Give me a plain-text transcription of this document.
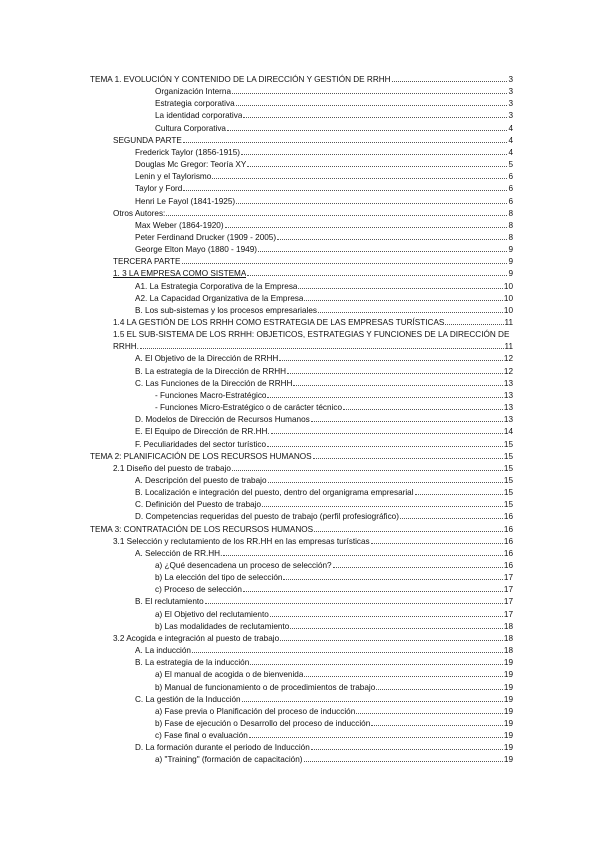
TEMA 1. EVOLUCIÓN Y CONTENIDO DE LA DIRECCIÓN Y GESTIÓN DE RRHH	3
Organización Interna	3
Estrategia corporativa	3
La identidad corporativa	3
Cultura Corporativa	4
SEGUNDA PARTE	4
Frederick Taylor (1856-1915)	4
Douglas Mc Gregor: Teoría XY	5
Lenin y el Taylorismo	6
Taylor y Ford	6
Henri Le Fayol (1841-1925)	6
Otros Autores:	8
Max Weber (1864-1920)	8
Peter Ferdinand Drucker (1909 - 2005)	8
George Elton Mayo (1880 - 1949)	9
TERCERA PARTE	9
1. 3 LA EMPRESA COMO SISTEMA	9
A1. La Estrategia Corporativa de la Empresa	10
A2. La Capacidad Organizativa de la Empresa	10
B. Los sub-sistemas y los procesos empresariales	10
1.4 LA GESTIÓN DE LOS RRHH COMO ESTRATEGIA DE LAS EMPRESAS TURÍSTICAS	11
1.5 EL SUB-SISTEMA DE LOS RRHH: OBJETICOS, ESTRATEGIAS Y FUNCIONES DE LA DIRECCIÓN DE
RRHH.	11
A. El Objetivo de la Dirección de RRHH	12
B. La estrategia de la Dirección de RRHH	12
C. Las Funciones de la Dirección de RRHH	13
- Funciones Macro-Estratégico	13
- Funciones Micro-Estratégico o de carácter técnico	13
D. Modelos de Dirección de Recursos Humanos	13
E. El Equipo de Dirección de RR.HH.	14
F. Peculiaridades del sector turístico	15
TEMA 2: PLANIFICACIÓN DE LOS RECURSOS HUMANOS	15
2.1 Diseño del puesto de trabajo	15
A. Descripción del puesto de trabajo	15
B. Localización e integración del puesto, dentro del organigrama empresarial	15
C. Definición del Puesto de trabajo	15
D. Competencias requeridas del puesto de trabajo (perfil profesiográfico)	16
TEMA 3: CONTRATACIÓN DE LOS RECURSOS HUMANOS	16
3.1 Selección y reclutamiento de los RR.HH en las empresas turísticas	16
A. Selección de RR.HH.	16
a) ¿Qué desencadena un proceso de selección?	16
b) La elección del tipo de selección	17
c) Proceso de selección	17
B. El reclutamiento	17
a) El Objetivo del reclutamiento	17
b) Las modalidades de reclutamiento	18
3.2 Acogida e integración al puesto de trabajo	18
A. La inducción	18
B. La estrategia de la inducción	19
a) El manual de acogida o de bienvenida	19
b) Manual de funcionamiento o de procedimientos de trabajo	19
C. La gestión de la Inducción	19
a) Fase previa o Planificación del proceso de inducción	19
b) Fase de ejecución o Desarrollo del proceso de inducción	19
c) Fase final o evaluación	19
D. La formación durante el periodo de Inducción	19
a) "Training" (formación de capacitación)	19
